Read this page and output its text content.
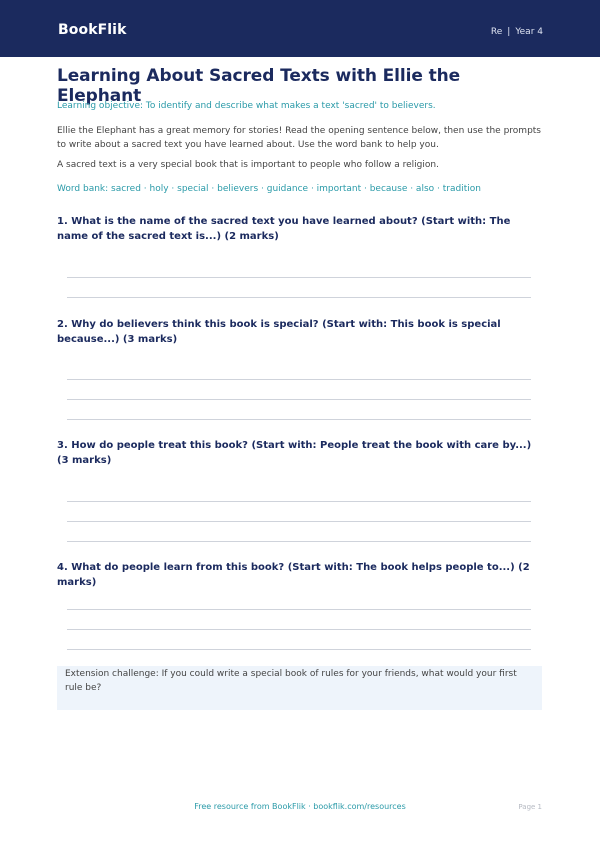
BookFlik	Re | Year 4
Learning About Sacred Texts with Ellie the Elephant

Learning objective: To identify and describe what makes a text 'sacred' to believers.

Ellie the Elephant has a great memory for stories! Read the opening sentence below, then use the prompts to write about a sacred text you have learned about. Use the word bank to help you.

A sacred text is a very special book that is important to people who follow a religion.

Word bank: sacred · holy · special · believers · guidance · important · because · also · tradition

1. What is the name of the sacred text you have learned about? (Start with: The name of the sacred text is...) (2 marks)
2. Why do believers think this book is special? (Start with: This book is special because...) (3 marks)
3. How do people treat this book? (Start with: People treat the book with care by...) (3 marks)
4. What do people learn from this book? (Start with: The book helps people to...) (2 marks)
Extension challenge: If you could write a special book of rules for your friends, what would your first rule be?
Free resource from BookFlik · bookflik.com/resources	Page 1
